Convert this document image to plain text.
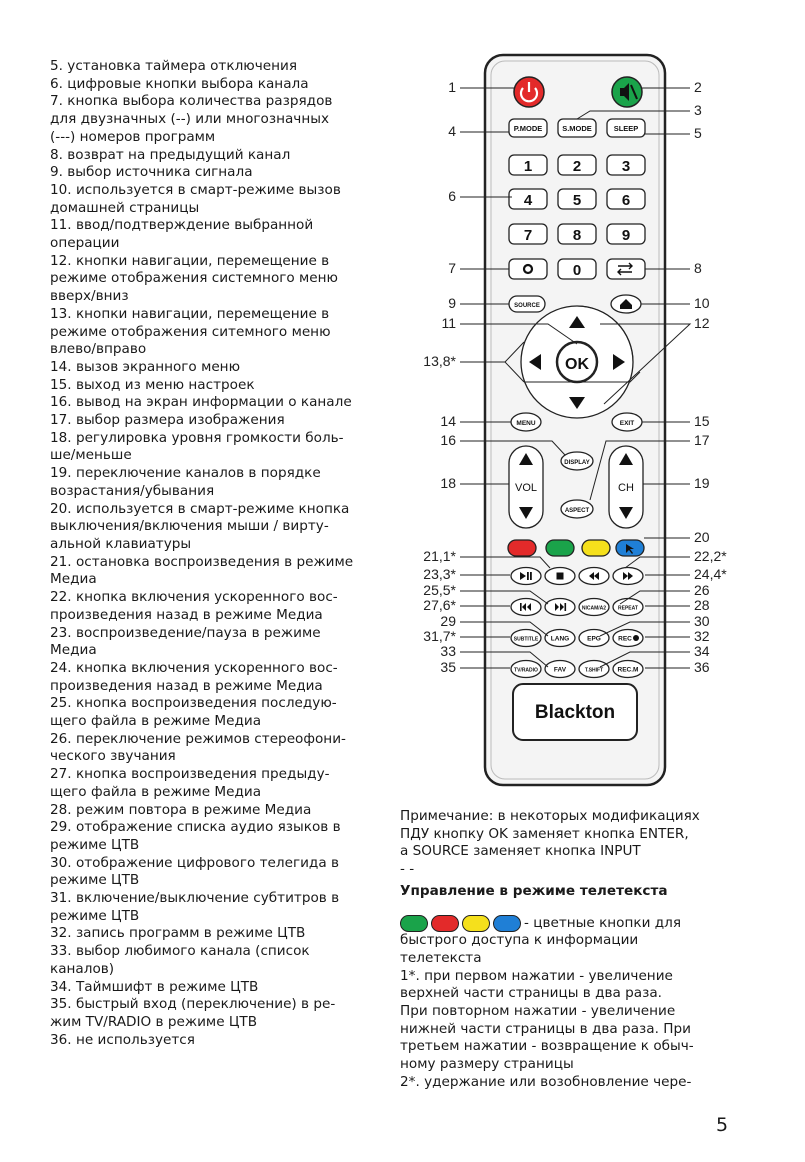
5. установка таймера отключения
6. цифровые кнопки выбора канала
7. кнопка выбора количества разрядов
для двузначных (--) или многозначных
(---) номеров программ
8. возврат на предыдущий канал
9. выбор источника сигнала
10. используется в смарт-режиме вызов
домашней страницы
11. ввод/подтверждение выбранной
операции
12. кнопки навигации, перемещение в
режиме отображения системного меню
вверх/вниз
13. кнопки навигации, перемещение в
режиме отображения ситемного меню
влево/вправо
14. вызов экранного меню
15. выход из меню настроек
16. вывод на экран информации о канале
17. выбор размера изображения
18. регулировка уровня громкости боль-
ше/меньше
19. переключение каналов в порядке
возрастания/убывания
20. используется в смарт-режиме кнопка
выключения/включения мыши / вирту-
альной клавиатуры
21. остановка воспроизведения в режиме
Медиа
22. кнопка включения ускоренного вос-
произведения назад в режиме Медиа
23. воспроизведение/пауза в режиме
Медиа
24. кнопка включения ускоренного вос-
произведения назад в режиме Медиа
25. кнопка воспроизведения последую-
щего файла в режиме Медиа
26. переключение режимов стереофони-
ческого звучания
27. кнопка воспроизведения предыду-
щего файла в режиме Медиа
28. режим повтора в режиме Медиа
29. отображение списка аудио языков в
режиме ЦТВ
30. отображение цифрового телегида в
режиме ЦТВ
31. включение/выключение субтитров в
режиме ЦТВ
32. запись программ в режиме ЦТВ
33. выбор любимого канала (список
каналов)
34. Таймшифт в режиме ЦТВ
35. быстрый вход (переключение) в ре-
жим TV/RADIO в режиме ЦТВ
36. не используется
P.MODE	S.MODE	SLEEP
1	2	3
4	5	6
7	8	9
0
SOURCE
OK
MENU	EXIT
VOL	CH
DISPLAY
ASPECT
NICAM/A2 REPEAT
SUBTITLE LANG	EPG	REC
TV/RADIO FAV	T.SHIFT REC.M
Blackton
1
4
6
7
9
11
13,8*
14
16
18
21,1*
23,3*
25,5*
27,6*
29
31,7*
33
35
2
3
5
8
10
12
15
17
19
20
22,2*
24,4*
26
28
30
32
34
36
Примечание: в некоторых модификациях
ПДУ кнопку OK заменяет кнопка ENTER,
а SOURCE заменяет кнопка INPUT
- -
Управление в режиме телетекста
- цветные кнопки для
быстрого доступа к информации
телетекста
1*. при первом нажатии - увеличение
верхней части страницы в два раза.
При повторном нажатии - увеличение
нижней части страницы в два раза. При
третьем нажатии - возвращение к обыч-
ному размеру страницы
2*. удержание или возобновление чере-
5
